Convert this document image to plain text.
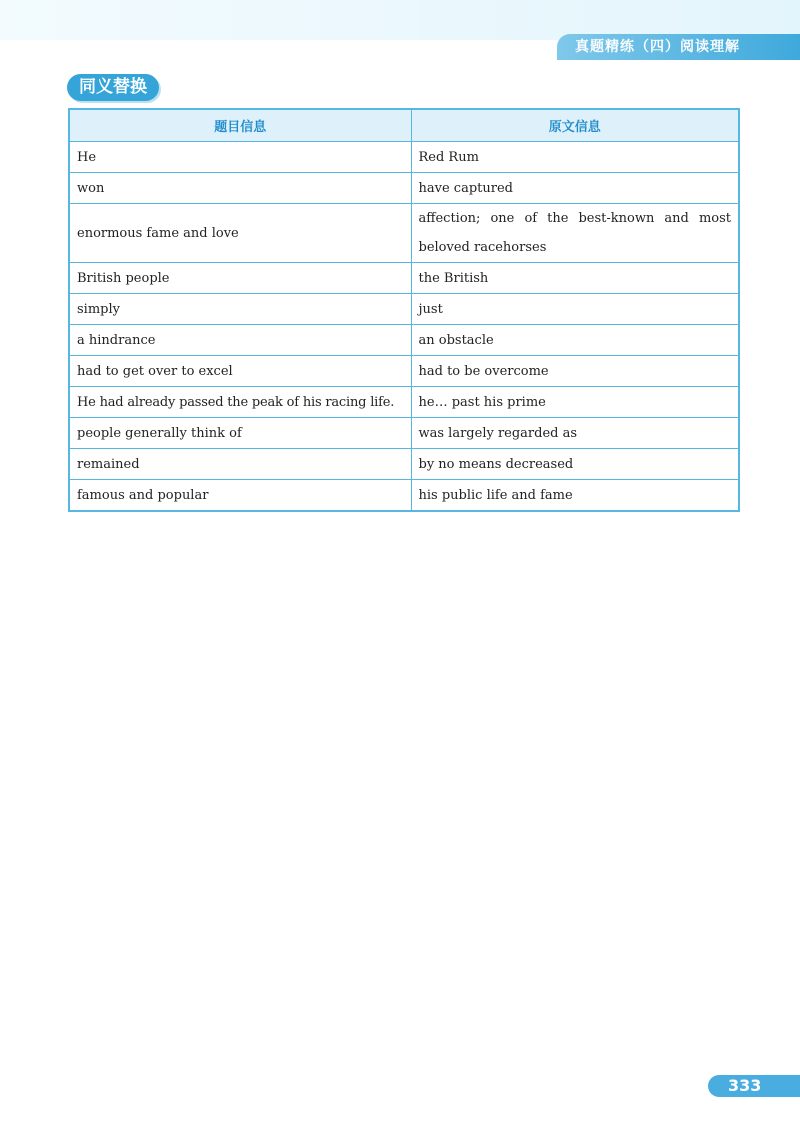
真题精练（四）阅读理解
同义替换
题目信息	原文信息
He	Red Rum
won	have captured
enormous fame and love	affection; one of the best-known and most beloved racehorses
British people	the British
simply	just
a hindrance	an obstacle
had to get over to excel	had to be overcome
He had already passed the peak of his racing life.	he… past his prime
people generally think of	was largely regarded as
remained	by no means decreased
famous and popular	his public life and fame
333
